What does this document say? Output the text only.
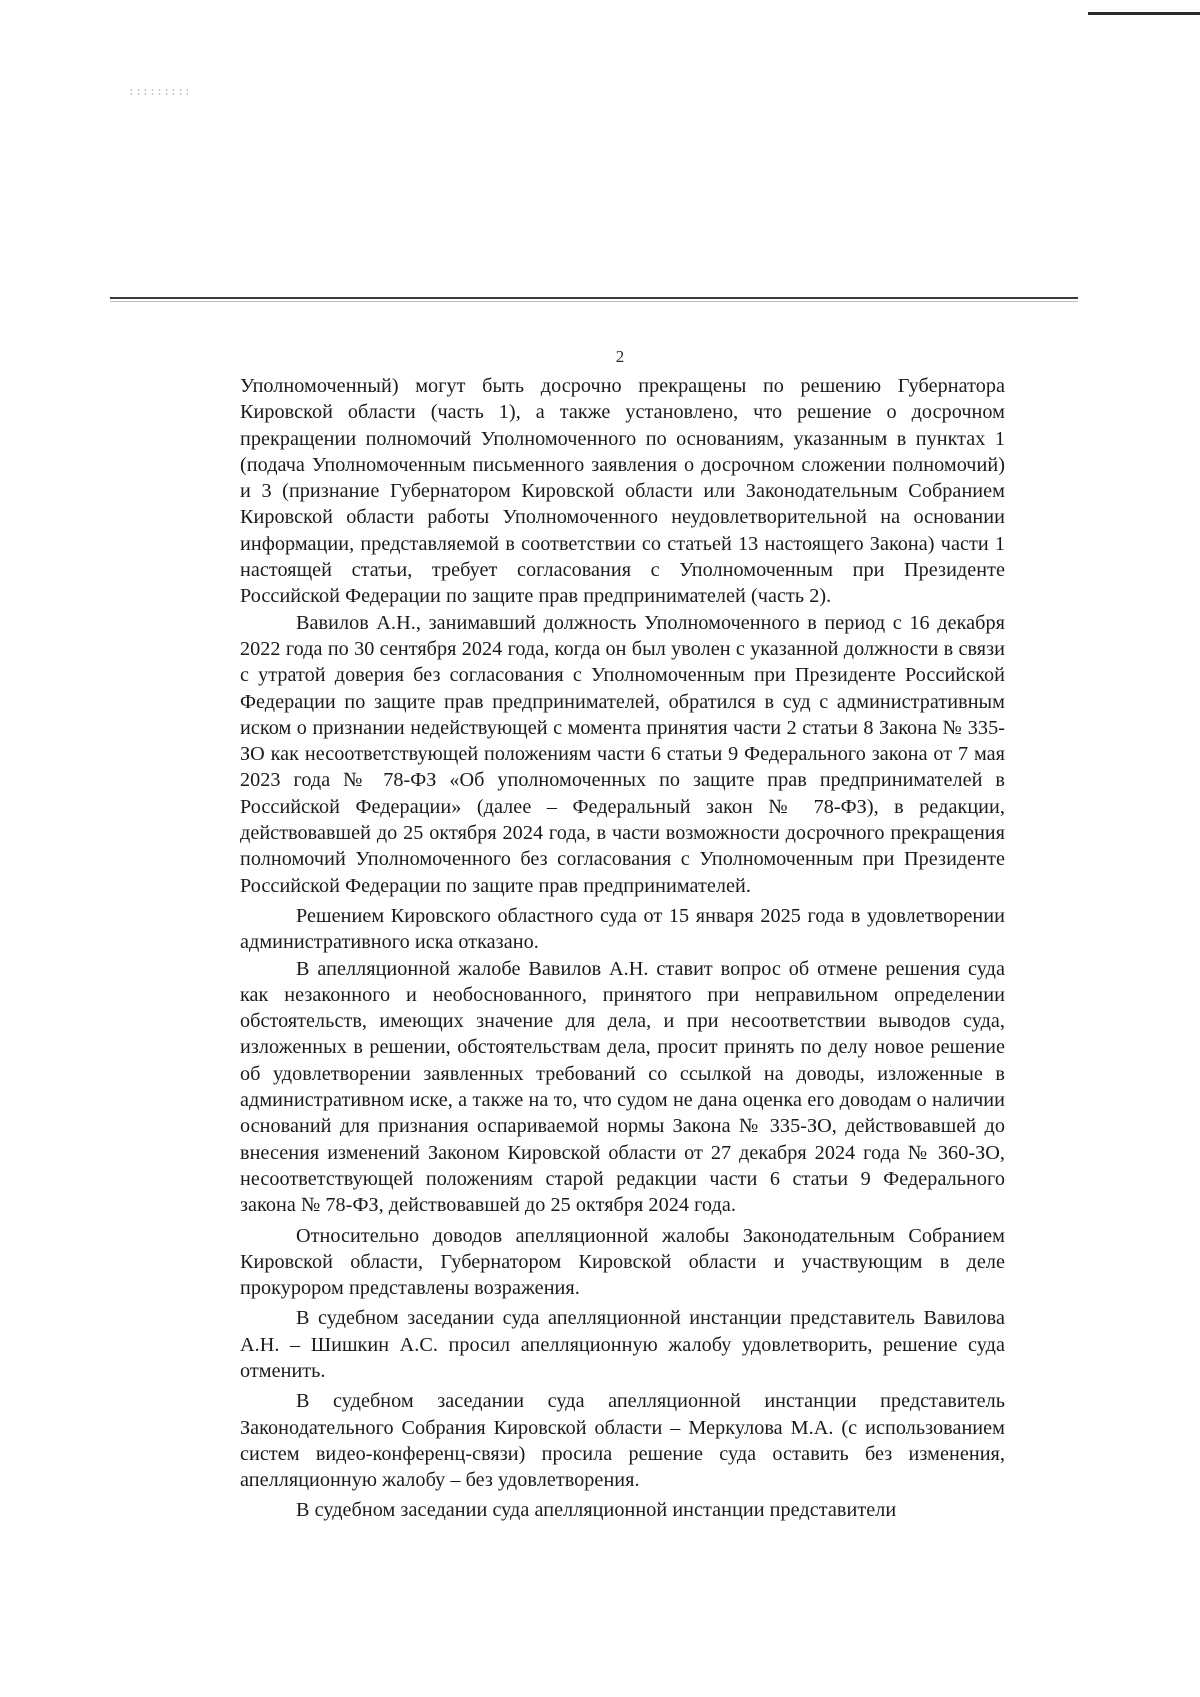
2

Уполномоченный) могут быть досрочно прекращены по решению Губернатора Кировской области (часть 1), а также установлено, что решение о досрочном прекращении полномочий Уполномоченного по основаниям, указанным в пунктах 1 (подача Уполномоченным письменного заявления о досрочном сложении полномочий) и 3 (признание Губернатором Кировской области или Законодательным Собранием Кировской области работы Уполномоченного неудовлетворительной на основании информации, представляемой в соответствии со статьей 13 настоящего Закона) части 1 настоящей статьи, требует согласования с Уполномоченным при Президенте Российской Федерации по защите прав предпринимателей (часть 2).

Вавилов А.Н., занимавший должность Уполномоченного в период с 16 декабря 2022 года по 30 сентября 2024 года, когда он был уволен с указанной должности в связи с утратой доверия без согласования с Уполномоченным при Президенте Российской Федерации по защите прав предпринимателей, обратился в суд с административным иском о признании недействующей с момента принятия части 2 статьи 8 Закона № 335-ЗО как несоответствующей положениям части 6 статьи 9 Федерального закона от 7 мая 2023 года № 78-ФЗ «Об уполномоченных по защите прав предпринимателей в Российской Федерации» (далее – Федеральный закон № 78-ФЗ), в редакции, действовавшей до 25 октября 2024 года, в части возможности досрочного прекращения полномочий Уполномоченного без согласования с Уполномоченным при Президенте Российской Федерации по защите прав предпринимателей.

Решением Кировского областного суда от 15 января 2025 года в удовлетворении административного иска отказано.

В апелляционной жалобе Вавилов А.Н. ставит вопрос об отмене решения суда как незаконного и необоснованного, принятого при неправильном определении обстоятельств, имеющих значение для дела, и при несоответствии выводов суда, изложенных в решении, обстоятельствам дела, просит принять по делу новое решение об удовлетворении заявленных требований со ссылкой на доводы, изложенные в административном иске, а также на то, что судом не дана оценка его доводам о наличии оснований для признания оспариваемой нормы Закона № 335-ЗО, действовавшей до внесения изменений Законом Кировской области от 27 декабря 2024 года № 360-ЗО, несоответствующей положениям старой редакции части 6 статьи 9 Федерального закона № 78-ФЗ, действовавшей до 25 октября 2024 года.

Относительно доводов апелляционной жалобы Законодательным Собранием Кировской области, Губернатором Кировской области и участвующим в деле прокурором представлены возражения.

В судебном заседании суда апелляционной инстанции представитель Вавилова А.Н. – Шишкин А.С. просил апелляционную жалобу удовлетворить, решение суда отменить.

В судебном заседании суда апелляционной инстанции представитель Законодательного Собрания Кировской области – Меркулова М.А. (с использованием систем видео-конференц-связи) просила решение суда оставить без изменения, апелляционную жалобу – без удовлетворения.

В судебном заседании суда апелляционной инстанции представители
